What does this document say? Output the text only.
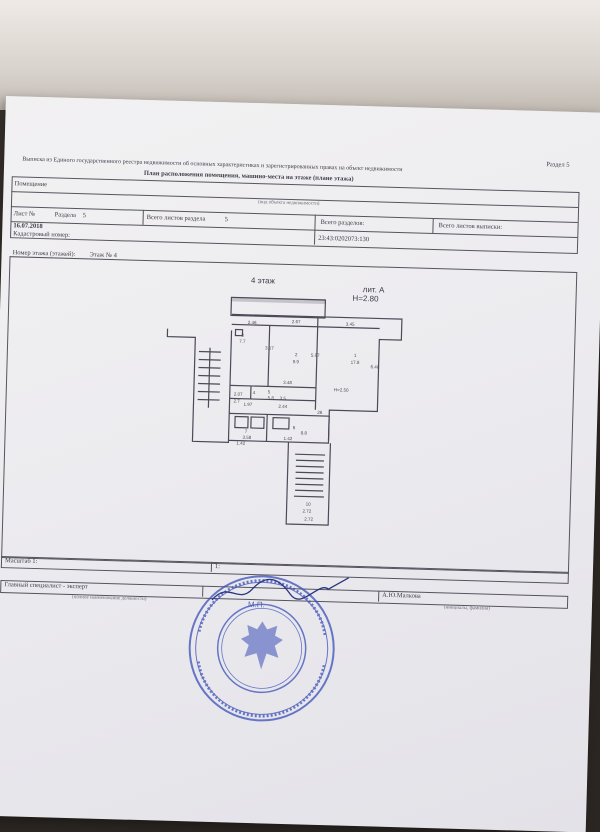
Раздел 5
Выписка из Единого государственного реестра недвижимости об основных характеристиках и зарегистрированных правах на объект недвижимости
План расположения помещения, машино-места на этаже (плане этажа)
Помещение
(вид объекта недвижимости)
Лист №	Раздела 5	Всего листов раздела	5	Всего разделов:	Всего листов выписки:
16.07.2018
Кадастровый номер:
23:43:0202073:130
Номер этажа (этажей): Этаж № 4
4 этаж
лит. А
Н=2.80
Н=2.50
2.46	2.67	3.45
3.17
5.97
3.48
6.48
2.07
1.97	2.44
1.42
1.42
2.72
26
1
2
3
4	5
6
7
10
17.8
9.9
7.7
5.8
2.7
3.5
3.58
8.8
2.72
Масштаб 1:
1:
Главный специалист - эксперт
(полное наименование должности)	А.Ю.Малкова
(инициалы, фамилия)
М.П.
